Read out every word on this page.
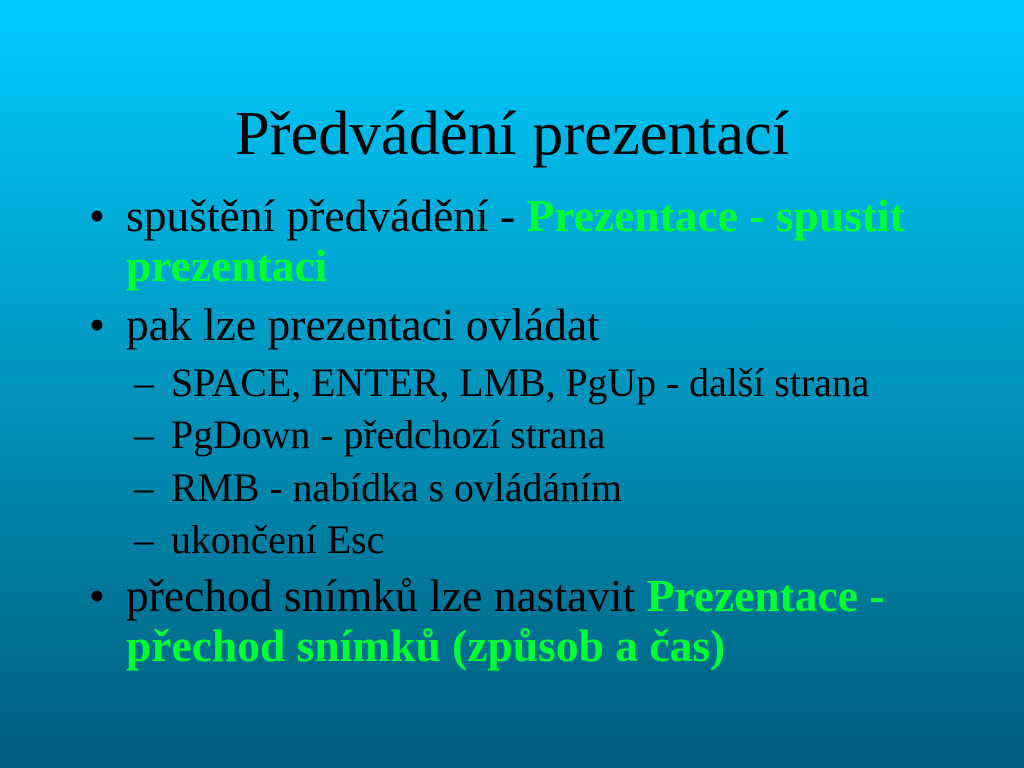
Předvádění prezentací

• spuštění předvádění - Prezentace - spustit prezentaci

• pak lze prezentaci ovládat

– SPACE, ENTER, LMB, PgUp - další strana

– PgDown - předchozí strana

– RMB - nabídka s ovládáním

– ukončení Esc

• přechod snímků lze nastavit Prezentace - přechod snímků (způsob a čas)
